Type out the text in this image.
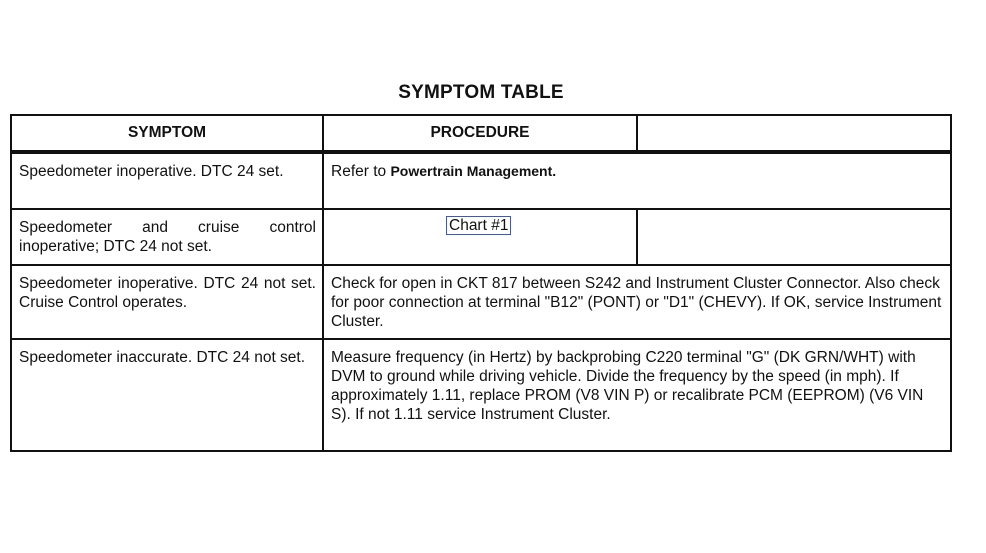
SYMPTOM TABLE
SYMPTOM	PROCEDURE	

Speedometer inoperative. DTC 24 set.	Refer to Powertrain Management.	

Speedometer and cruise control inoperative; DTC 24 not set.	Chart #1	

Speedometer inoperative. DTC 24 not set. Cruise Control operates.	Check for open in CKT 817 between S242 and Instrument Cluster Connector. Also check for poor connection at terminal "B12" (PONT) or "D1" (CHEVY). If OK, service Instrument Cluster.	

Speedometer inaccurate. DTC 24 not set.	Measure frequency (in Hertz) by backprobing C220 terminal "G" (DK GRN/WHT) with DVM to ground while driving vehicle. Divide the frequency by the speed (in mph). If approximately 1.11, replace PROM (V8 VIN P) or recalibrate PCM (EEPROM) (V6 VIN S). If not 1.11 service Instrument Cluster.	
